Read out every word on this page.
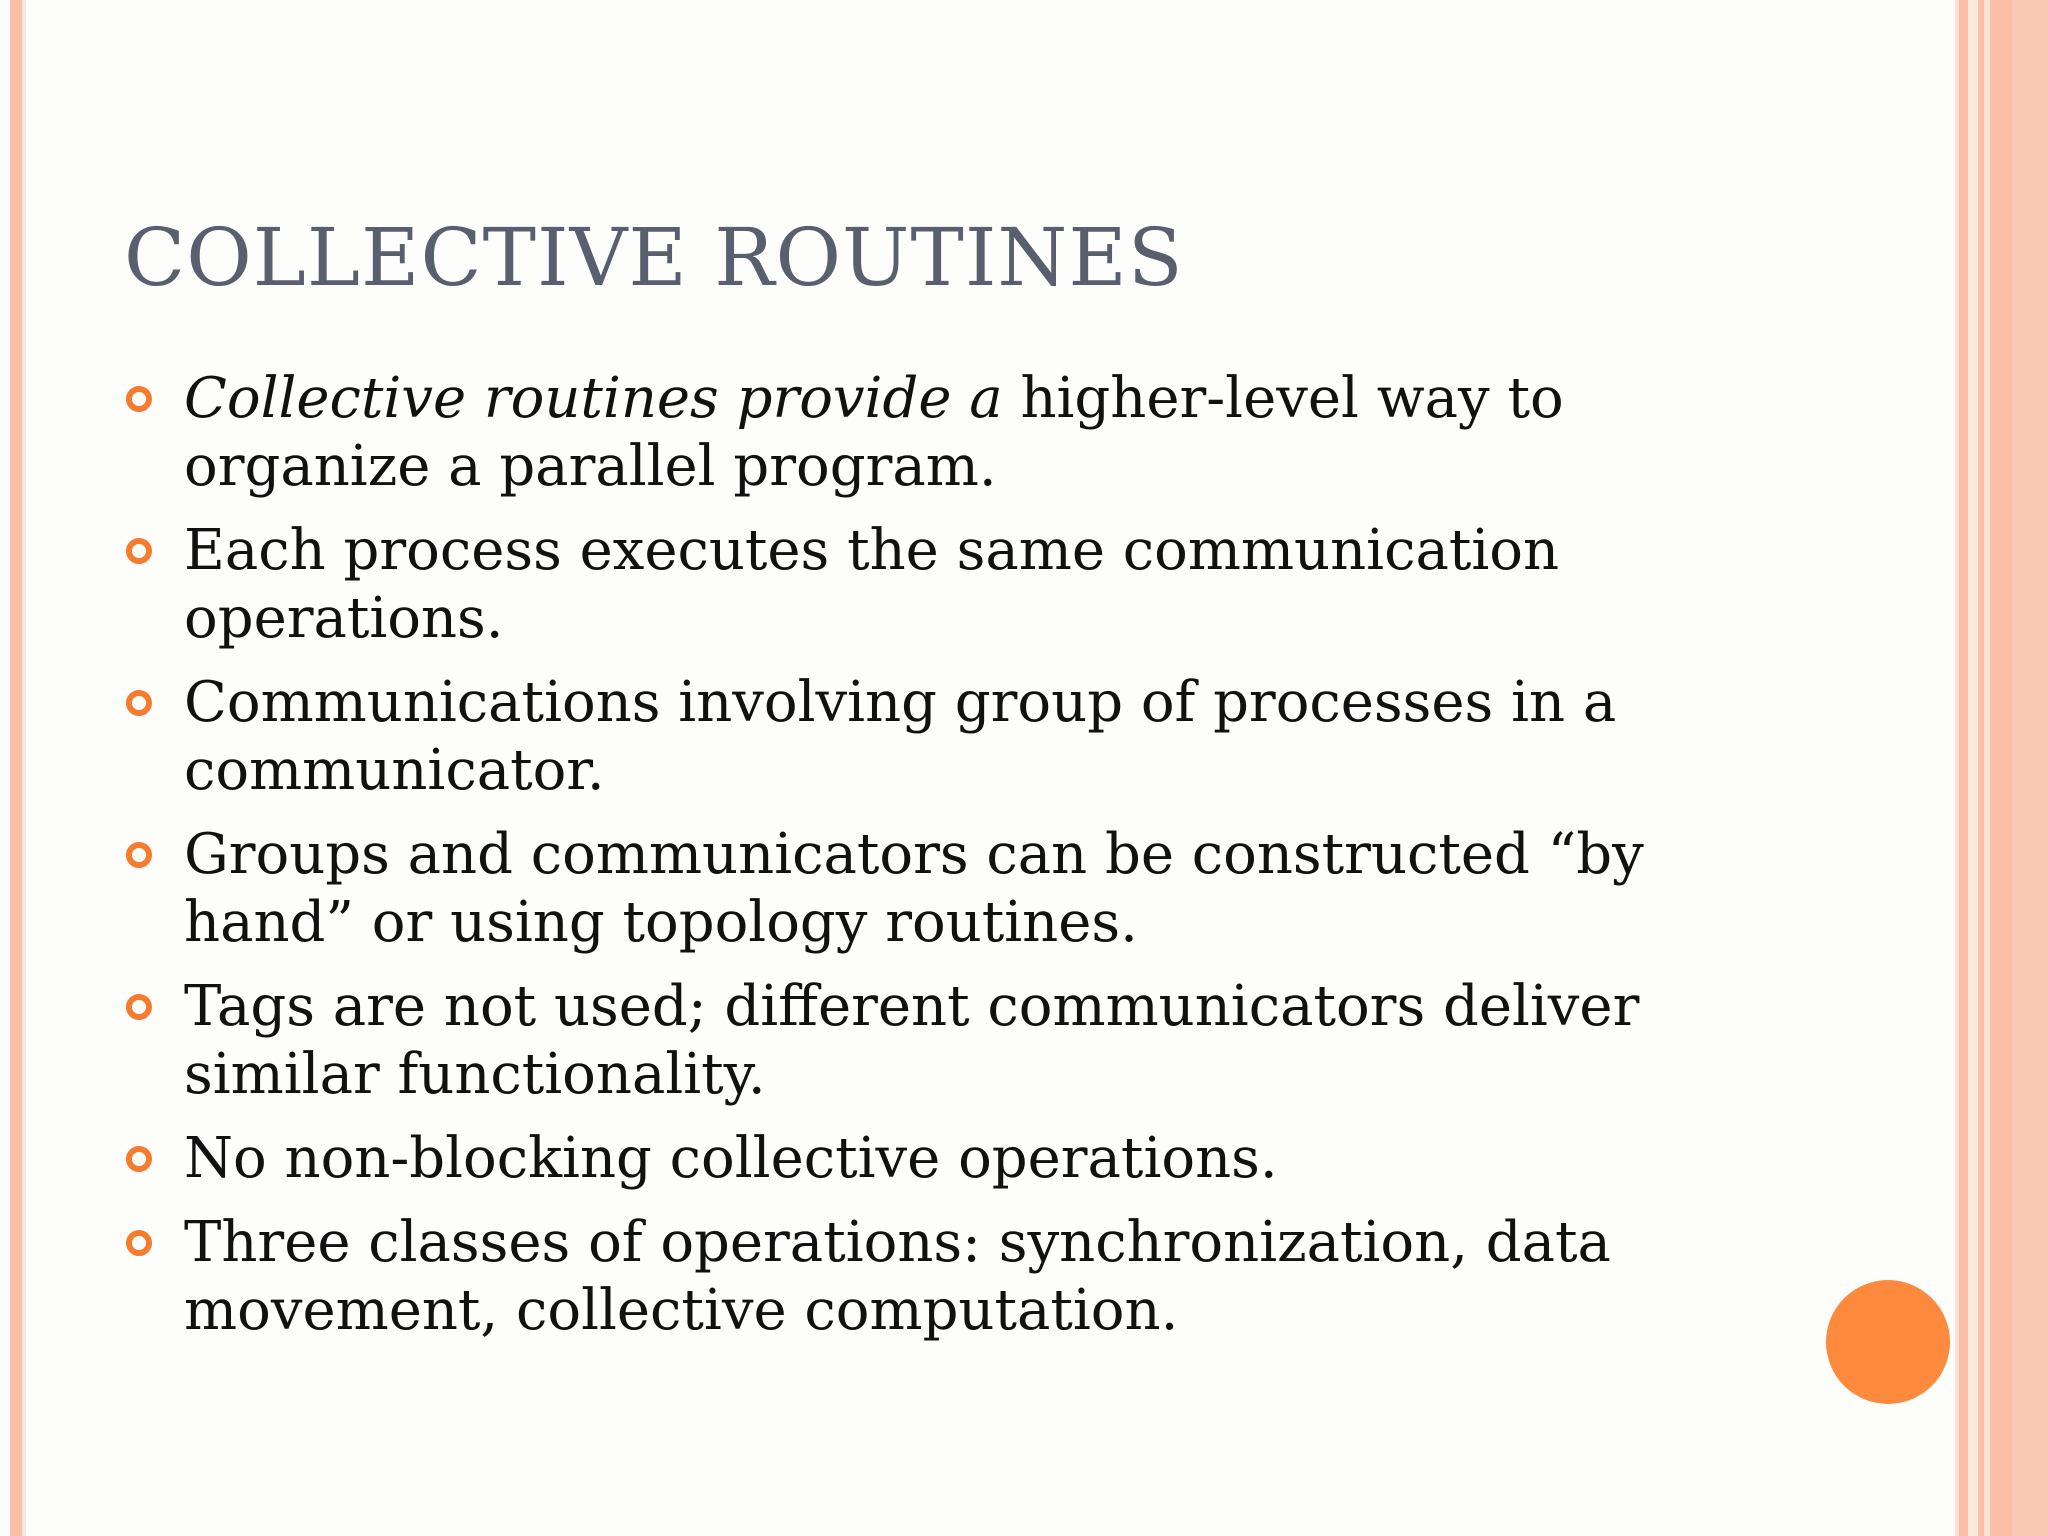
COLLECTIVE ROUTINES
Collective routines provide a higher-level way to organize a parallel program.
Each process executes the same communication operations.
Communications involving group of processes in a communicator.
Groups and communicators can be constructed “by hand” or using topology routines.
Tags are not used; different communicators deliver similar functionality.
No non-blocking collective operations.
Three classes of operations: synchronization, data movement, collective computation.
